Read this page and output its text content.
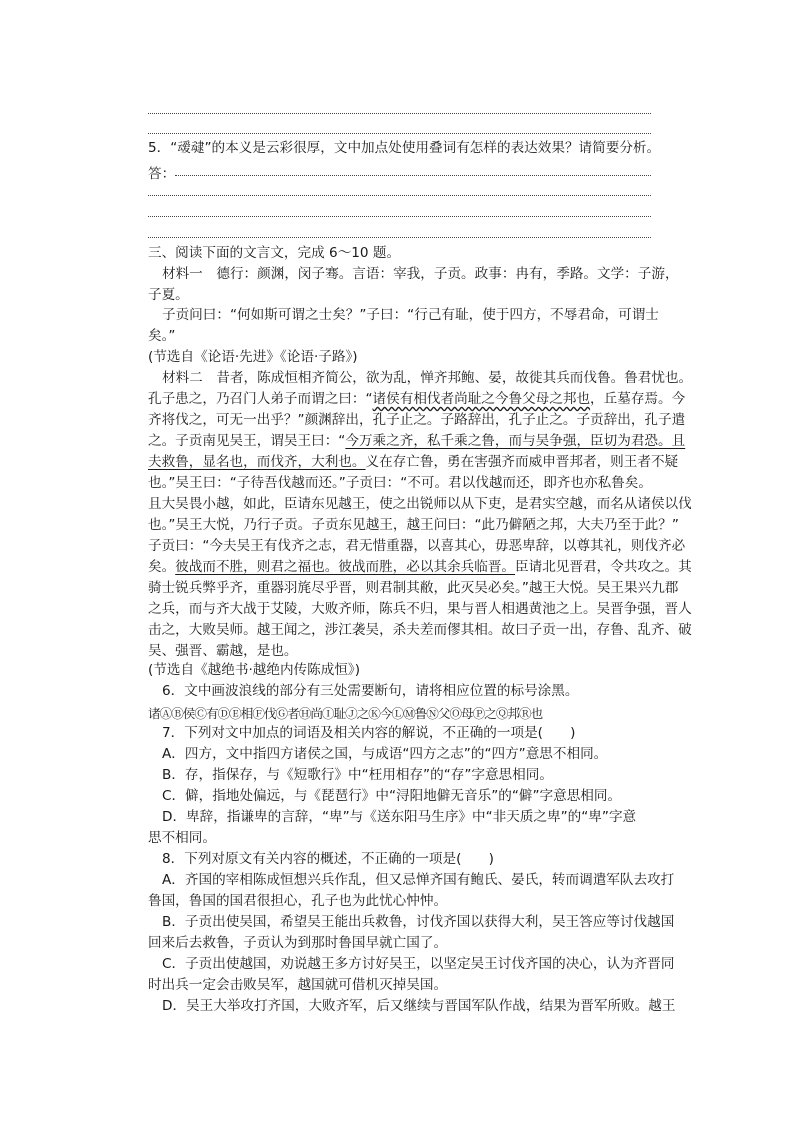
5．“叆叇”的本义是云彩很厚，文中加点处使用叠词有怎样的表达效果？请简要分析。
答：
三、阅读下面的文言文，完成 6～10 题。
材料一　德行：颜渊，闵子骞。言语：宰我，子贡。政事：冉有，季路。文学：子游，
子夏。
子贡问曰：“何如斯可谓之士矣？”子曰：“行己有耻，使于四方，不辱君命，可谓士
矣。”
(节选自《论语·先进》《论语·子路》)
材料二　昔者，陈成恒相齐简公，欲为乱，惮齐邦鲍、晏，故徙其兵而伐鲁。鲁君忧也。
孔子患之，乃召门人弟子而谓之曰：“诸侯有相伐者尚耻之今鲁父母之邦也，丘墓存焉。今
齐将伐之，可无一出乎？”颜渊辞出，孔子止之。子路辞出，孔子止之。子贡辞出，孔子遣
之。子贡南见吴王，谓吴王曰：“今万乘之齐，私千乘之鲁，而与吴争强，臣切为君恐。且
夫救鲁，显名也，而伐齐，大利也。义在存亡鲁，勇在害强齐而威申晋邦者，则王者不疑
也。”吴王曰：“子待吾伐越而还。”子贡曰：“不可。君以伐越而还，即齐也亦私鲁矣。
且大吴畏小越，如此，臣请东见越王，使之出锐师以从下吏，是君实空越，而名从诸侯以伐
也。”吴王大悦，乃行子贡。子贡东见越王，越王问曰：“此乃僻陋之邦，大夫乃至于此？”
子贡曰：“今夫吴王有伐齐之志，君无惜重器，以喜其心，毋恶卑辞，以尊其礼，则伐齐必
矣。彼战而不胜，则君之福也。彼战而胜，必以其余兵临晋。臣请北见晋君，令共攻之。其
骑士锐兵弊乎齐，重器羽旄尽乎晋，则君制其敝，此灭吴必矣。”越王大悦。吴王果兴九郡
之兵，而与齐大战于艾陵，大败齐师，陈兵不归，果与晋人相遇黄池之上。吴晋争强，晋人
击之，大败吴师。越王闻之，涉江袭吴，杀夫差而僇其相。故曰子贡一出，存鲁、乱齐、破
吴、强晋、霸越，是也。
(节选自《越绝书·越绝内传陈成恒》)
6．文中画波浪线的部分有三处需要断句，请将相应位置的标号涂黑。
诸ⒶⒷ侯Ⓒ有ⒹⒺ相Ⓕ伐Ⓖ者Ⓗ尚Ⓘ耻Ⓙ之Ⓚ今ⓁⓂ鲁Ⓝ父Ⓞ母Ⓟ之Ⓠ邦Ⓡ也
7．下列对文中加点的词语及相关内容的解说，不正确的一项是(　　)
A．四方，文中指四方诸侯之国，与成语“四方之志”的“四方”意思不相同。
B．存，指保存，与《短歌行》中“枉用相存”的“存”字意思相同。
C．僻，指地处偏远，与《琵琶行》中“浔阳地僻无音乐”的“僻”字意思相同。
D．卑辞，指谦卑的言辞，“卑”与《送东阳马生序》中“非天质之卑”的“卑”字意
思不相同。
8．下列对原文有关内容的概述，不正确的一项是(　　)
A．齐国的宰相陈成恒想兴兵作乱，但又忌惮齐国有鲍氏、晏氏，转而调遣军队去攻打
鲁国，鲁国的国君很担心，孔子也为此忧心忡忡。
B．子贡出使吴国，希望吴王能出兵救鲁，讨伐齐国以获得大利，吴王答应等讨伐越国
回来后去救鲁，子贡认为到那时鲁国早就亡国了。
C．子贡出使越国，劝说越王多方讨好吴王，以坚定吴王讨伐齐国的决心，认为齐晋同
时出兵一定会击败吴军，越国就可借机灭掉吴国。
D．吴王大举攻打齐国，大败齐军，后又继续与晋国军队作战，结果为晋军所败。越王
